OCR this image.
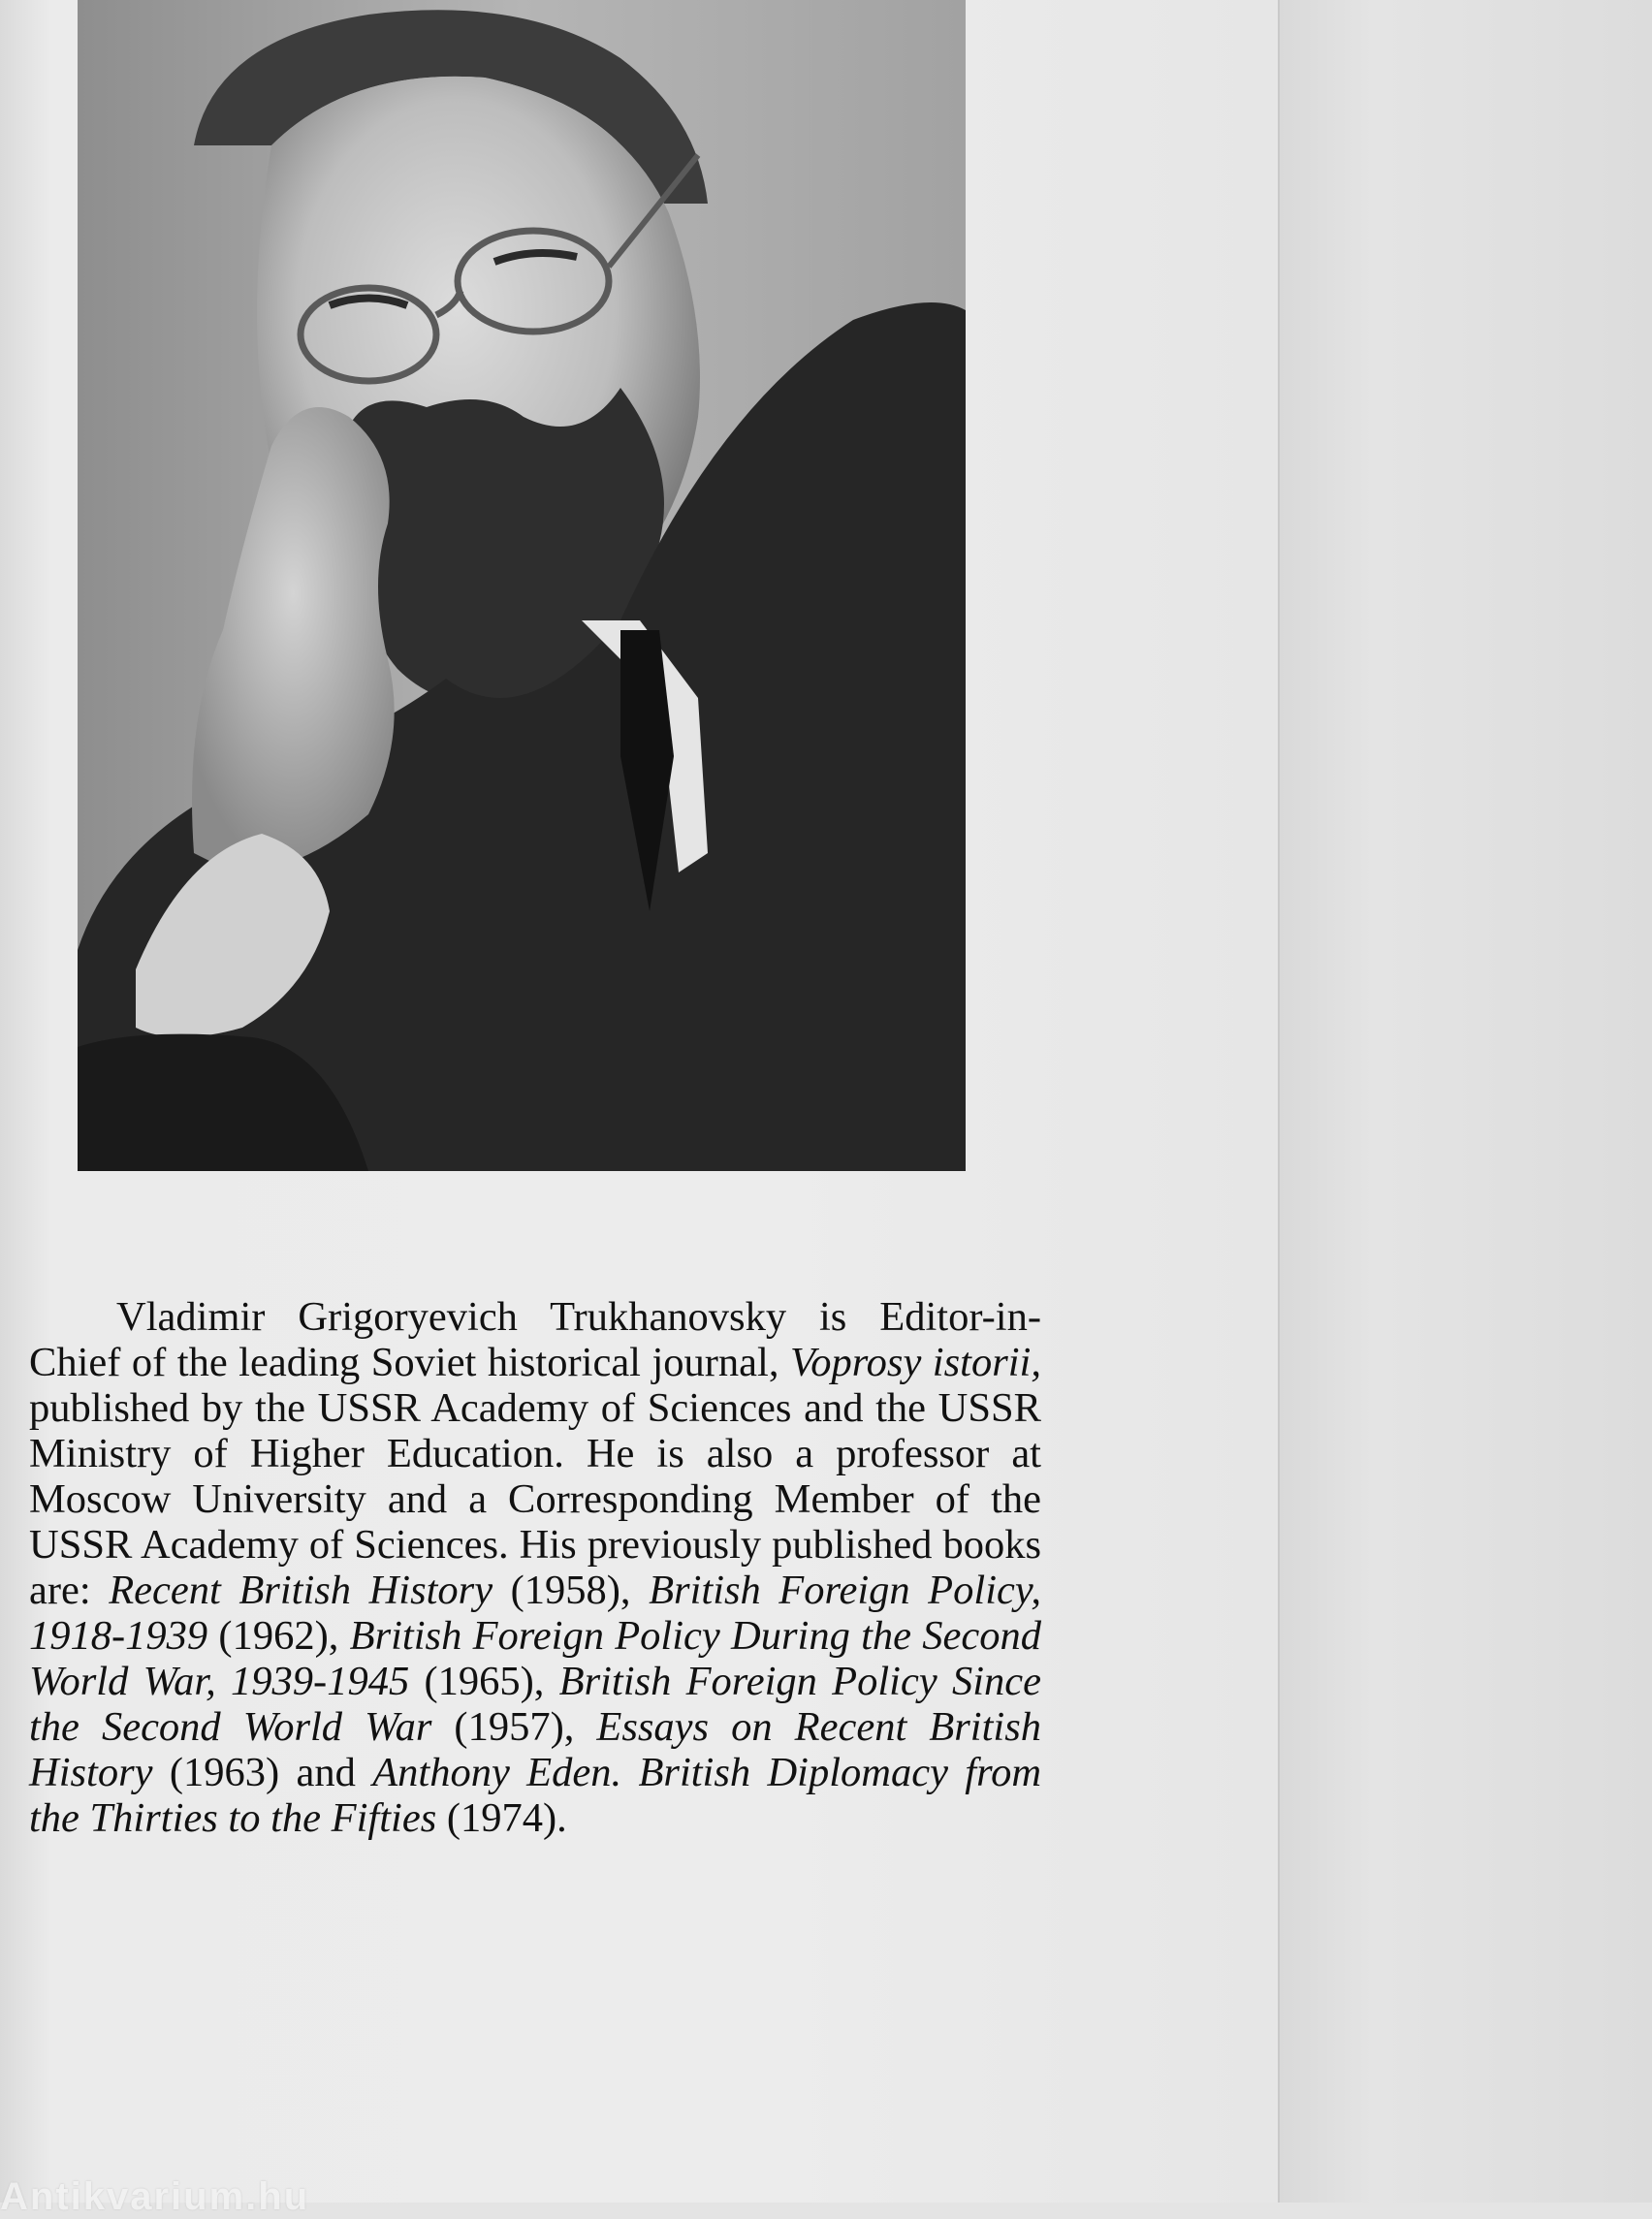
Vladimir Grigoryevich Trukhanovsky is Editor-in-Chief of the leading Soviet historical journal, Voprosy istorii, published by the USSR Academy of Sciences and the USSR Ministry of Higher Education. He is also a professor at Moscow University and a Corresponding Member of the USSR Academy of Sciences. His previously published books are: Recent British History (1958), British Foreign Policy, 1918-1939 (1962), British Foreign Policy During the Second World War, 1939-1945 (1965), British Foreign Policy Since the Second World War (1957), Essays on Recent British History (1963) and Anthony Eden. British Diplomacy from the Thirties to the Fifties (1974).

Antikvarium.hu
